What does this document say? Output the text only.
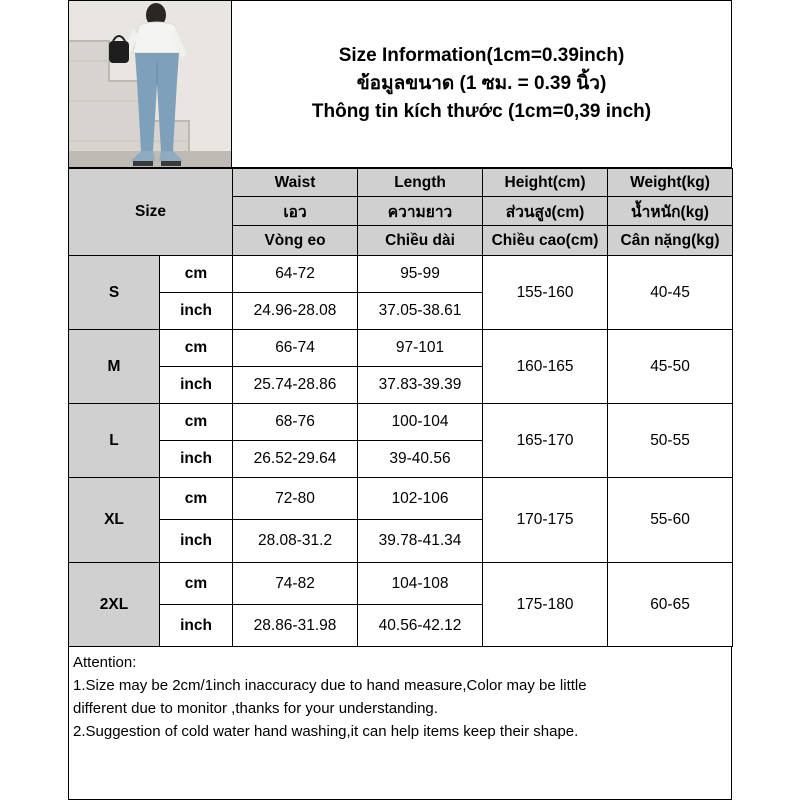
Size Information(1cm=0.39inch)
ข้อมูลขนาด (1 ซม. = 0.39 นิ้ว)
Thông tin kích thước (1cm=0,39 inch)
Size		Waist	Length	Height(cm)	Weight(kg)
		เอว	ความยาว	ส่วนสูง(cm)	น้ำหนัก(kg)
		Vòng eo	Chiều dài	Chiều cao(cm)	Cân nặng(kg)
S	cm	64-72	95-99	155-160	40-45
	inch	24.96-28.08	37.05-38.61		
M	cm	66-74	97-101	160-165	45-50
	inch	25.74-28.86	37.83-39.39		
L	cm	68-76	100-104	165-170	50-55
	inch	26.52-29.64	39-40.56		
XL	cm	72-80	102-106	170-175	55-60
	inch	28.08-31.2	39.78-41.34		
2XL	cm	74-82	104-108	175-180	60-65
	inch	28.86-31.98	40.56-42.12		
Attention:
1.Size may be 2cm/1inch inaccuracy due to hand measure,Color may be little
different due to monitor ,thanks for your understanding.
2.Suggestion of cold water hand washing,it can help items keep their shape.
